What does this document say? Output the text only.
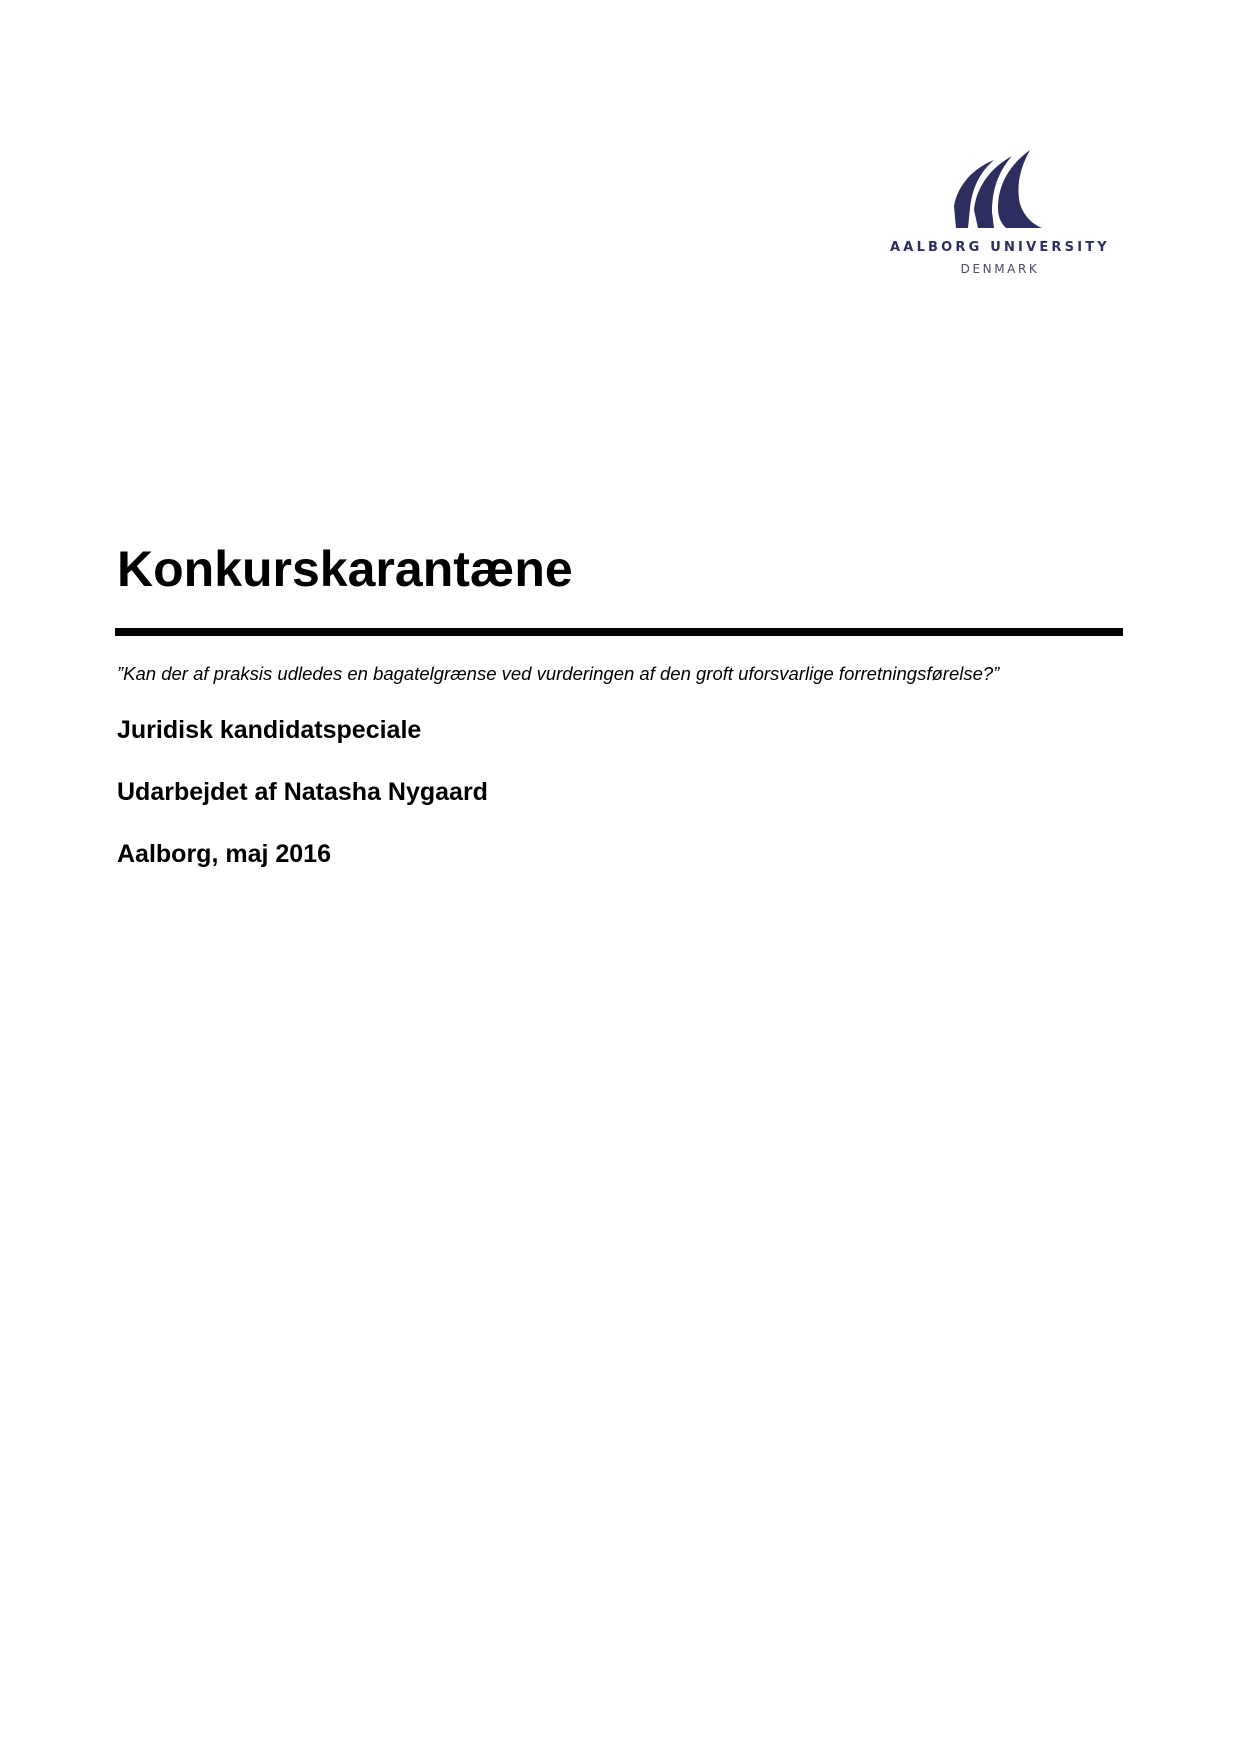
AALBORG UNIVERSITY
DENMARK
Konkurskarantæne

”Kan der af praksis udledes en bagatelgrænse ved vurderingen af den groft uforsvarlige forretningsførelse?”

Juridisk kandidatspeciale

Udarbejdet af Natasha Nygaard

Aalborg, maj 2016
